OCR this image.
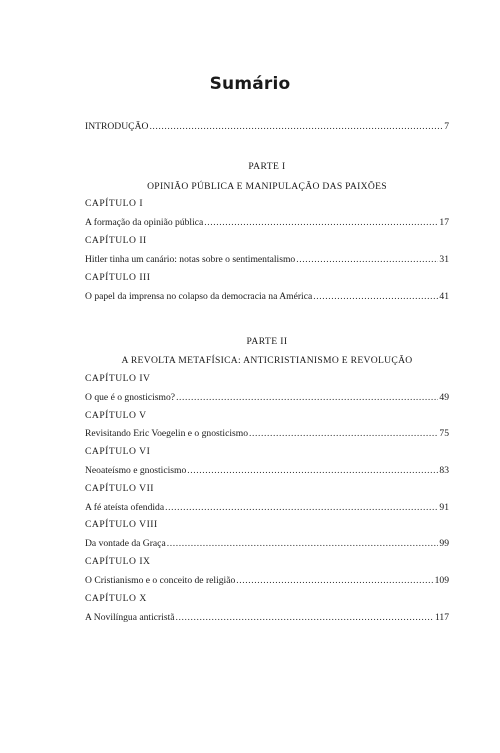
Sumário
INTRODUÇÃO .....	7
PARTE I
OPINIÃO PÚBLICA E MANIPULAÇÃO DAS PAIXÕES
CAPÍTULO I
A formação da opinião pública .....	17
CAPÍTULO II
Hitler tinha um canário: notas sobre o sentimentalismo .....	31
CAPÍTULO III
O papel da imprensa no colapso da democracia na América .....	41
PARTE II
A REVOLTA METAFÍSICA: ANTICRISTIANISMO E REVOLUÇÃO
CAPÍTULO IV
O que é o gnosticismo? .....	49
CAPÍTULO V
Revisitando Eric Voegelin e o gnosticismo .....	75
CAPÍTULO VI
Neoateísmo e gnosticismo .....	83
CAPÍTULO VII
A fé ateísta ofendida .....	91
CAPÍTULO VIII
Da vontade da Graça .....	99
CAPÍTULO IX
O Cristianismo e o conceito de religião .....	109
CAPÍTULO X
A Novilíngua anticristã .....	117
